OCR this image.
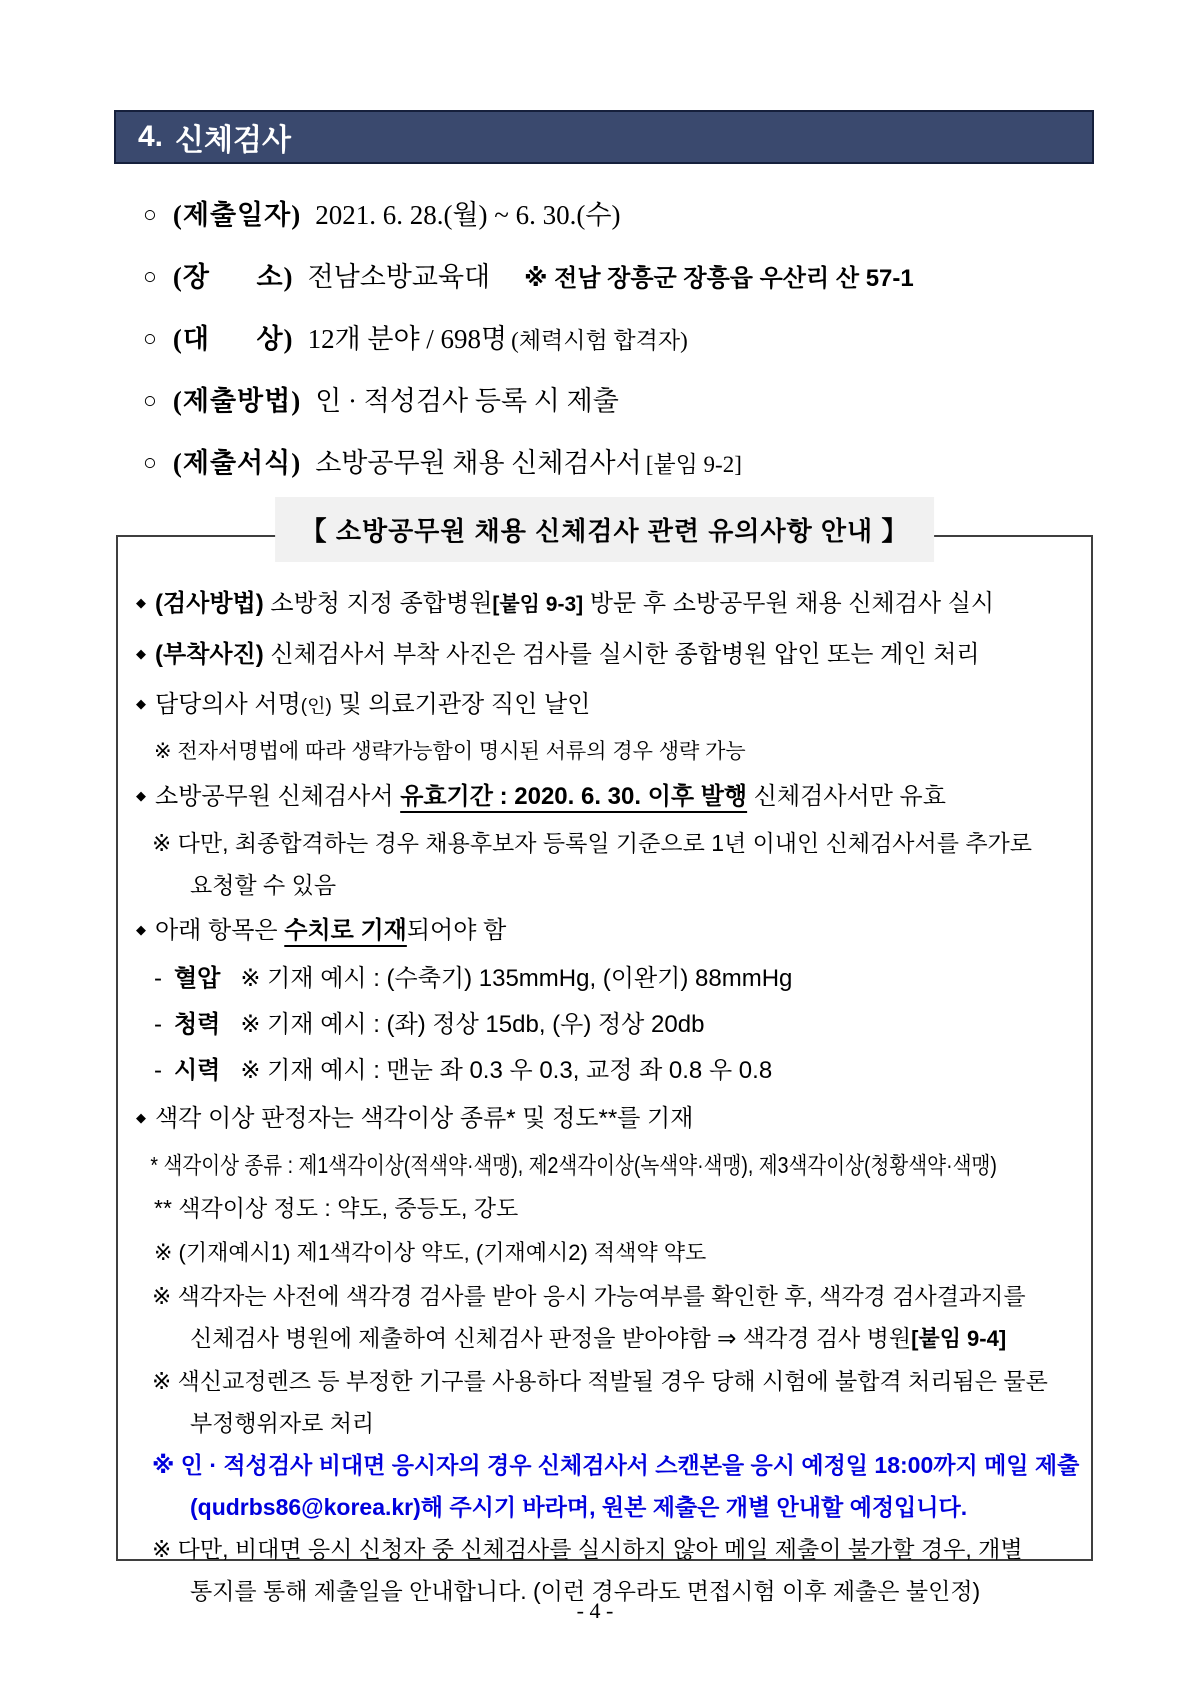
4. 신체검사
○ (제출일자) 2021. 6. 28.(월) ~ 6. 30.(수)
○ (장      소) 전남소방교육대 ※ 전남 장흥군 장흥읍 우산리 산 57-1
○ (대      상) 12개 분야 / 698명 (체력시험 합격자)
○ (제출방법) 인 · 적성검사 등록 시 제출
○ (제출서식) 소방공무원 채용 신체검사서 [붙임 9-2]
【 소방공무원 채용 신체검사 관련 유의사항 안내 】
◆ (검사방법) 소방청 지정 종합병원[붙임 9-3] 방문 후 소방공무원 채용 신체검사 실시
◆ (부착사진) 신체검사서 부착 사진은 검사를 실시한 종합병원 압인 또는 계인 처리
◆ 담당의사 서명(인) 및 의료기관장 직인 날인
※ 전자서명법에 따라 생략가능함이 명시된 서류의 경우 생략 가능
◆ 소방공무원 신체검사서 유효기간 : 2020. 6. 30. 이후 발행 신체검사서만 유효
※ 다만, 최종합격하는 경우 채용후보자 등록일 기준으로 1년 이내인 신체검사서를 추가로 요청할 수 있음
◆ 아래 항목은 수치로 기재되어야 함
- 혈압 ※ 기재 예시 : (수축기) 135mmHg, (이완기) 88mmHg
- 청력 ※ 기재 예시 : (좌) 정상 15db, (우) 정상 20db
- 시력 ※ 기재 예시 : 맨눈 좌 0.3 우 0.3, 교정 좌 0.8 우 0.8
◆ 색각 이상 판정자는 색각이상 종류* 및 정도**를 기재
* 색각이상 종류 : 제1색각이상(적색약·색맹), 제2색각이상(녹색약·색맹), 제3색각이상(청황색약·색맹)
** 색각이상 정도 : 약도, 중등도, 강도
※ (기재예시1) 제1색각이상 약도, (기재예시2) 적색약 약도
※ 색각자는 사전에 색각경 검사를 받아 응시 가능여부를 확인한 후, 색각경 검사결과지를 신체검사 병원에 제출하여 신체검사 판정을 받아야함 ⇒ 색각경 검사 병원[붙임 9-4]
※ 색신교정렌즈 등 부정한 기구를 사용하다 적발될 경우 당해 시험에 불합격 처리됨은 물론 부정행위자로 처리
※ 인 · 적성검사 비대면 응시자의 경우 신체검사서 스캔본을 응시 예정일 18:00까지 메일 제출(qudrbs86@korea.kr)해 주시기 바라며, 원본 제출은 개별 안내할 예정입니다.
※ 다만, 비대면 응시 신청자 중 신체검사를 실시하지 않아 메일 제출이 불가할 경우, 개별 통지를 통해 제출일을 안내합니다. (이런 경우라도 면접시험 이후 제출은 불인정)
- 4 -
